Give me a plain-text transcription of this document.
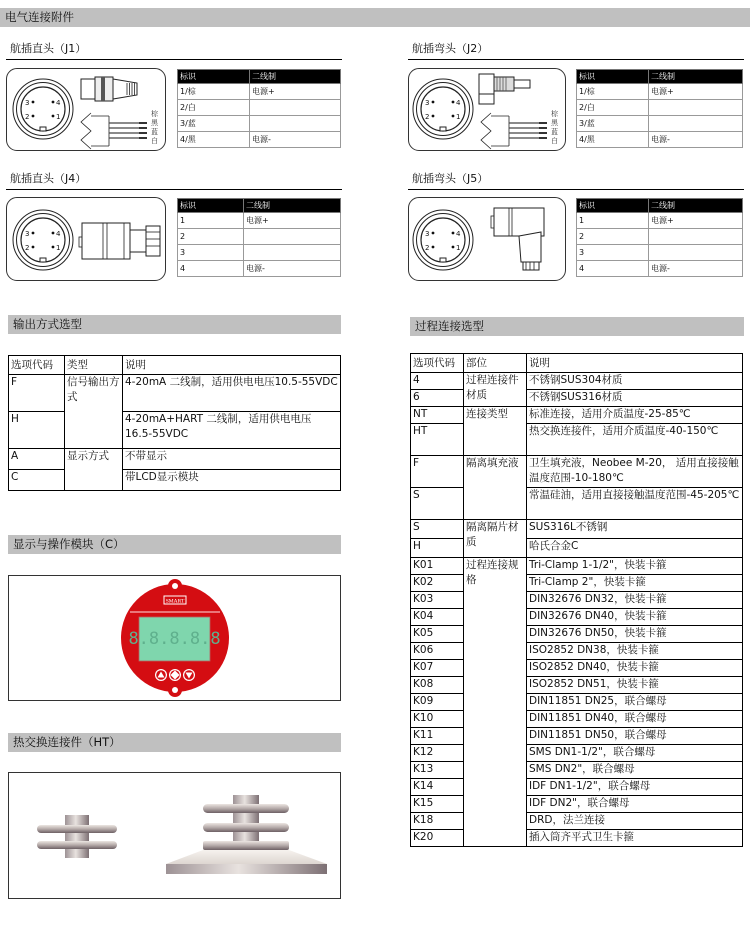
电气连接附件
航插直头（J1）
3	4
2	1	棕
黑
蓝
白
标识	二线制
1/棕	电源+
2/白	
3/蓝	
4/黑	电源-
航插弯头（J2）
3	4
2	1	棕
黑
蓝
白
标识	二线制
1/棕	电源+
2/白	
3/蓝	
4/黑	电源-
航插直头（J4）
3	4
2	1
标识	二线制
1	电源+
2	
3	
4	电源-
航插弯头（J5）
3	4
2	1
标识	二线制
1	电源+
2	
3	
4	电源-
输出方式选型
选项代码	类型	说明
F	信号输出方式	4-20mA 二线制，适用供电电压10.5-55VDC
H		4-20mA+HART 二线制，适用供电电压16.5-55VDC
A	显示方式	不带显示
C		带LCD显示模块
显示与操作模块（C）
SMART
8.8.8.8.8
热交换连接件（HT）
过程连接选型
选项代码	部位	说明
4	过程连接件材质	不锈钢SUS304材质
6		不锈钢SUS316材质
NT	连接类型	标准连接，适用介质温度-25-85℃
HT		热交换连接件，适用介质温度-40-150℃
F	隔离填充液	卫生填充液，Neobee M-20， 适用直接接触温度范围-10-180℃
S		常温硅油，适用直接接触温度范围-45-205℃
S	隔离隔片材质	SUS316L不锈钢
H		哈氏合金C
K01	过程连接规格	Tri-Clamp 1-1/2"，快装卡箍
K02		Tri-Clamp 2"，快装卡箍
K03		DIN32676 DN32，快装卡箍
K04		DIN32676 DN40，快装卡箍
K05		DIN32676 DN50，快装卡箍
K06		ISO2852 DN38，快装卡箍
K07		ISO2852 DN40，快装卡箍
K08		ISO2852 DN51，快装卡箍
K09		DIN11851 DN25，联合螺母
K10		DIN11851 DN40，联合螺母
K11		DIN11851 DN50，联合螺母
K12		SMS DN1-1/2"，联合螺母
K13		SMS DN2"，联合螺母
K14		IDF DN1-1/2"，联合螺母
K15		IDF DN2"，联合螺母
K18		DRD，法兰连接
K20		插入筒齐平式卫生卡箍
